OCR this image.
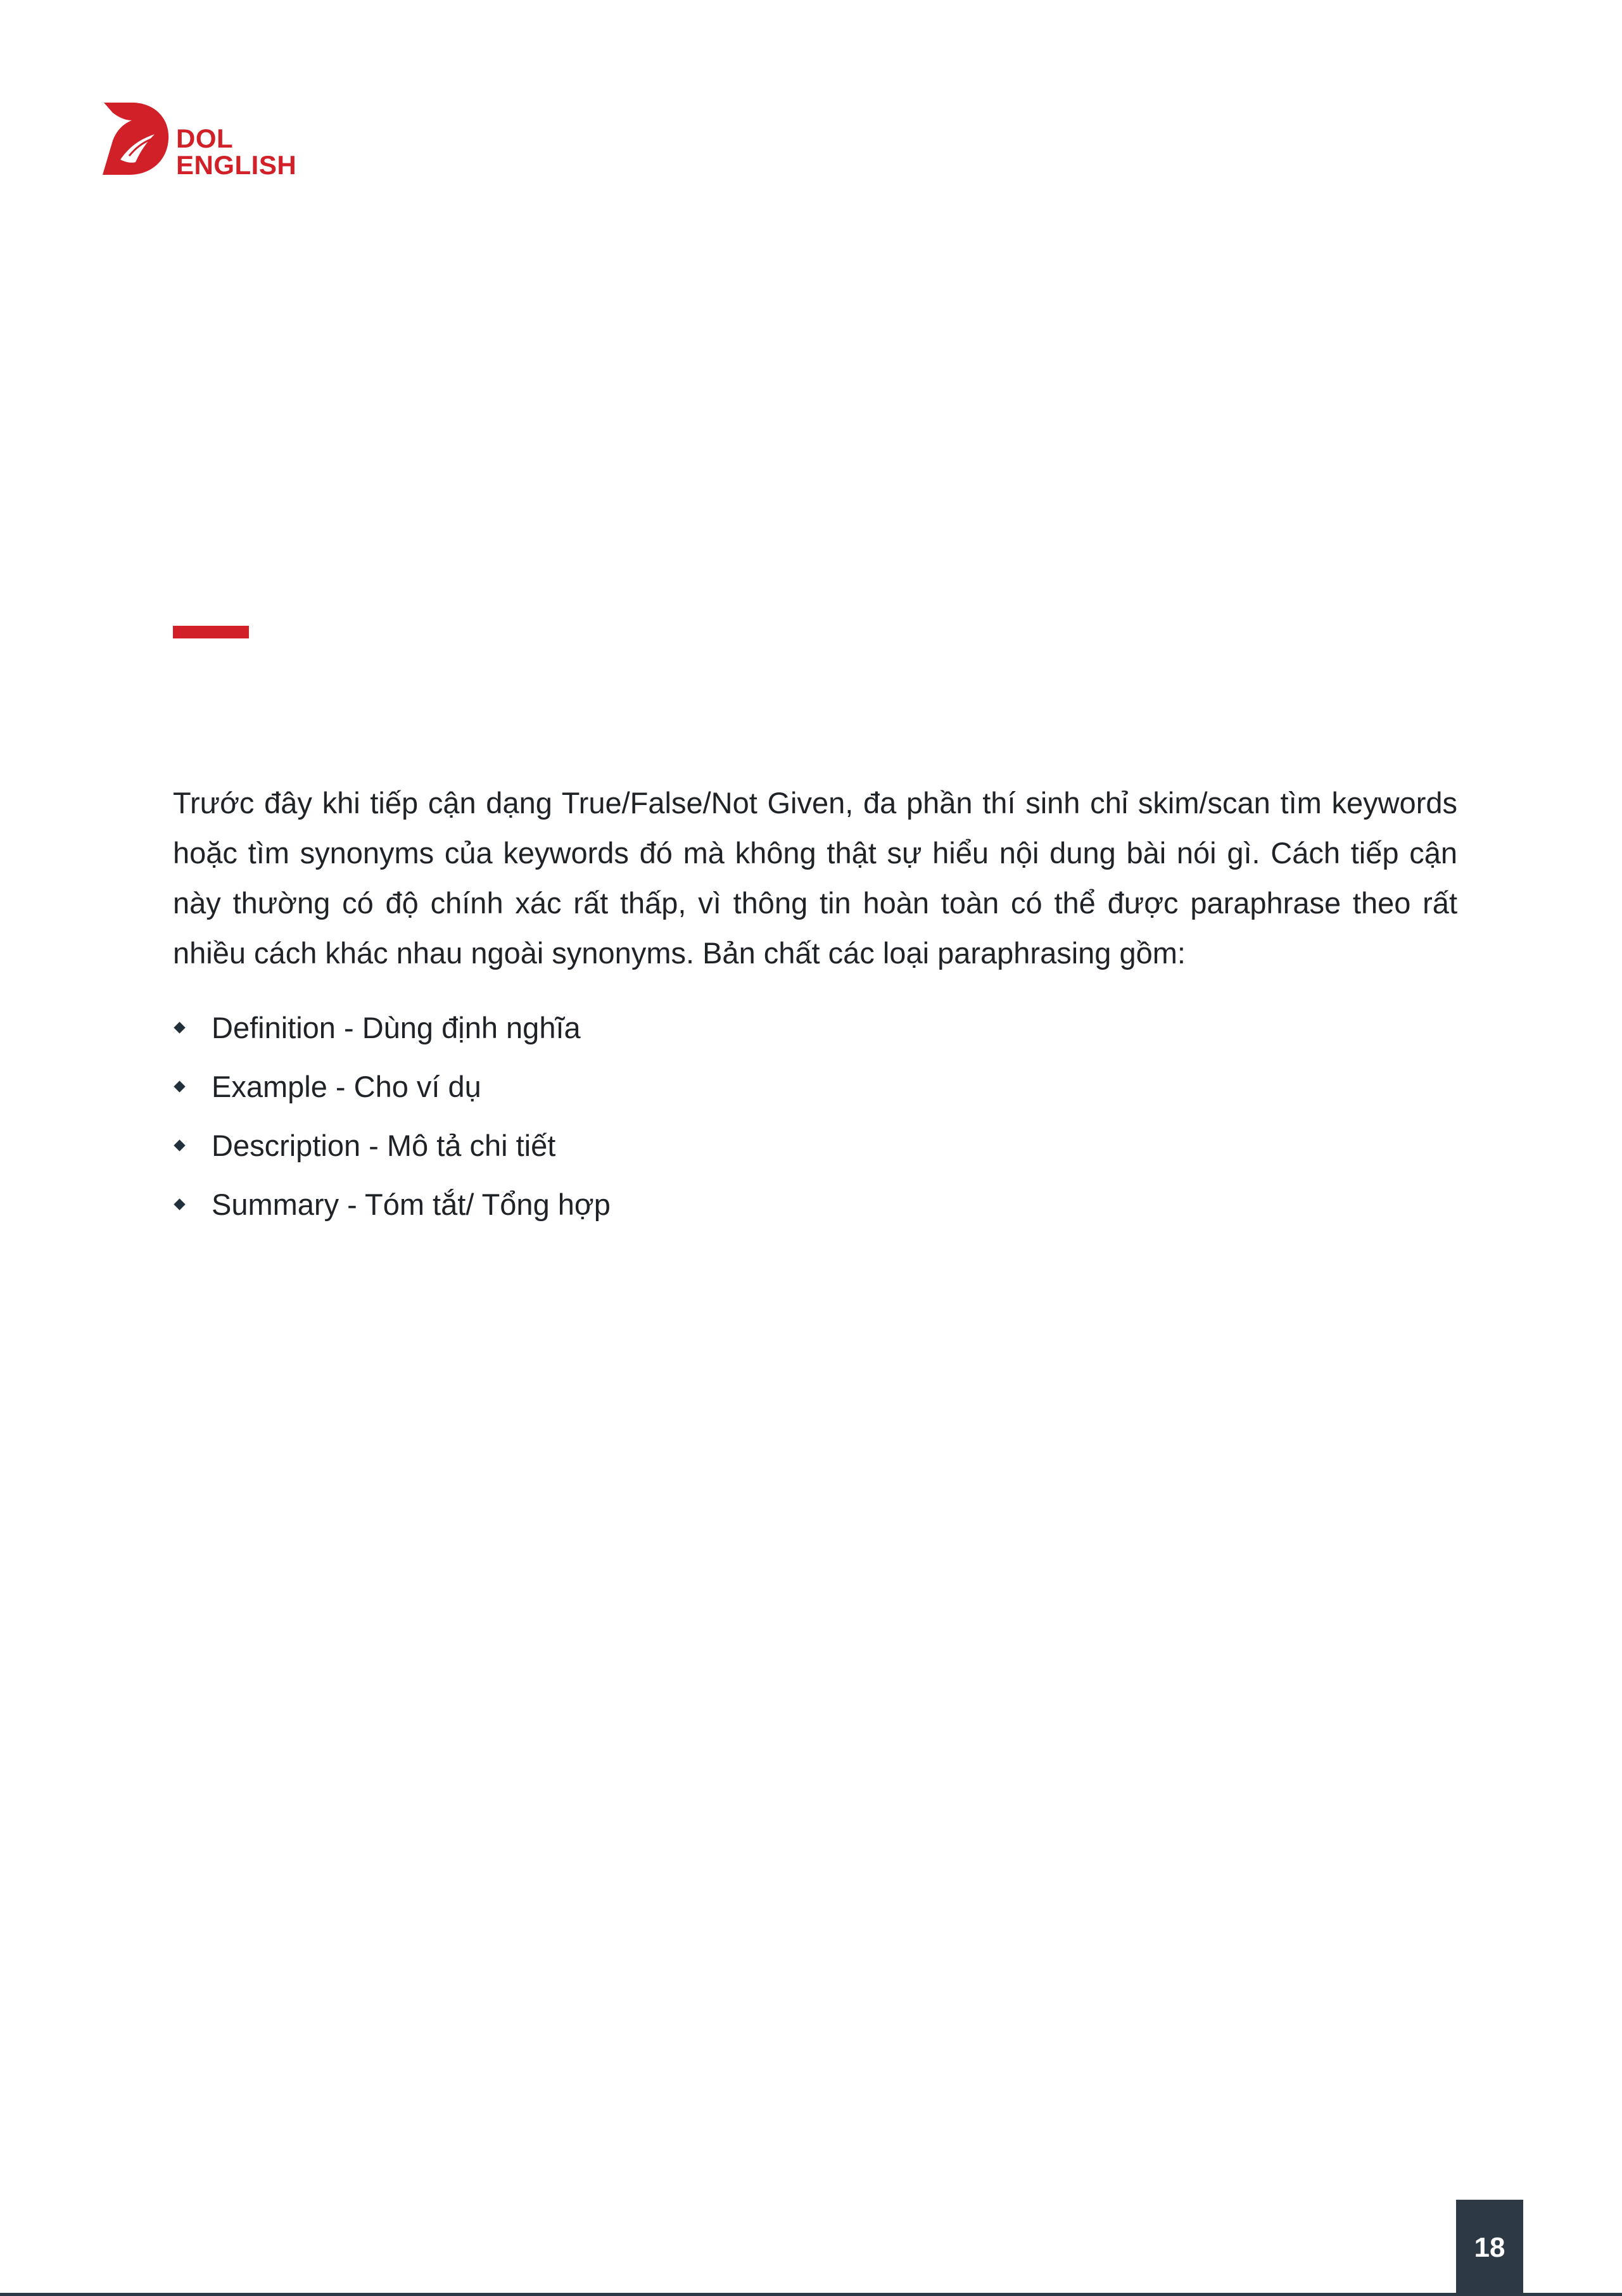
DOL
ENGLISH

Trước đây khi tiếp cận dạng True/False/Not Given, đa phần thí sinh chỉ skim/scan tìm keywords hoặc tìm synonyms của keywords đó mà không thật sự hiểu nội dung bài nói gì. Cách tiếp cận này thường có độ chính xác rất thấp, vì thông tin hoàn toàn có thể được paraphrase theo rất nhiều cách khác nhau ngoài synonyms. Bản chất các loại paraphrasing gồm:

Definition - Dùng định nghĩa
Example - Cho ví dụ
Description - Mô tả chi tiết
Summary - Tóm tắt/ Tổng hợp
18
